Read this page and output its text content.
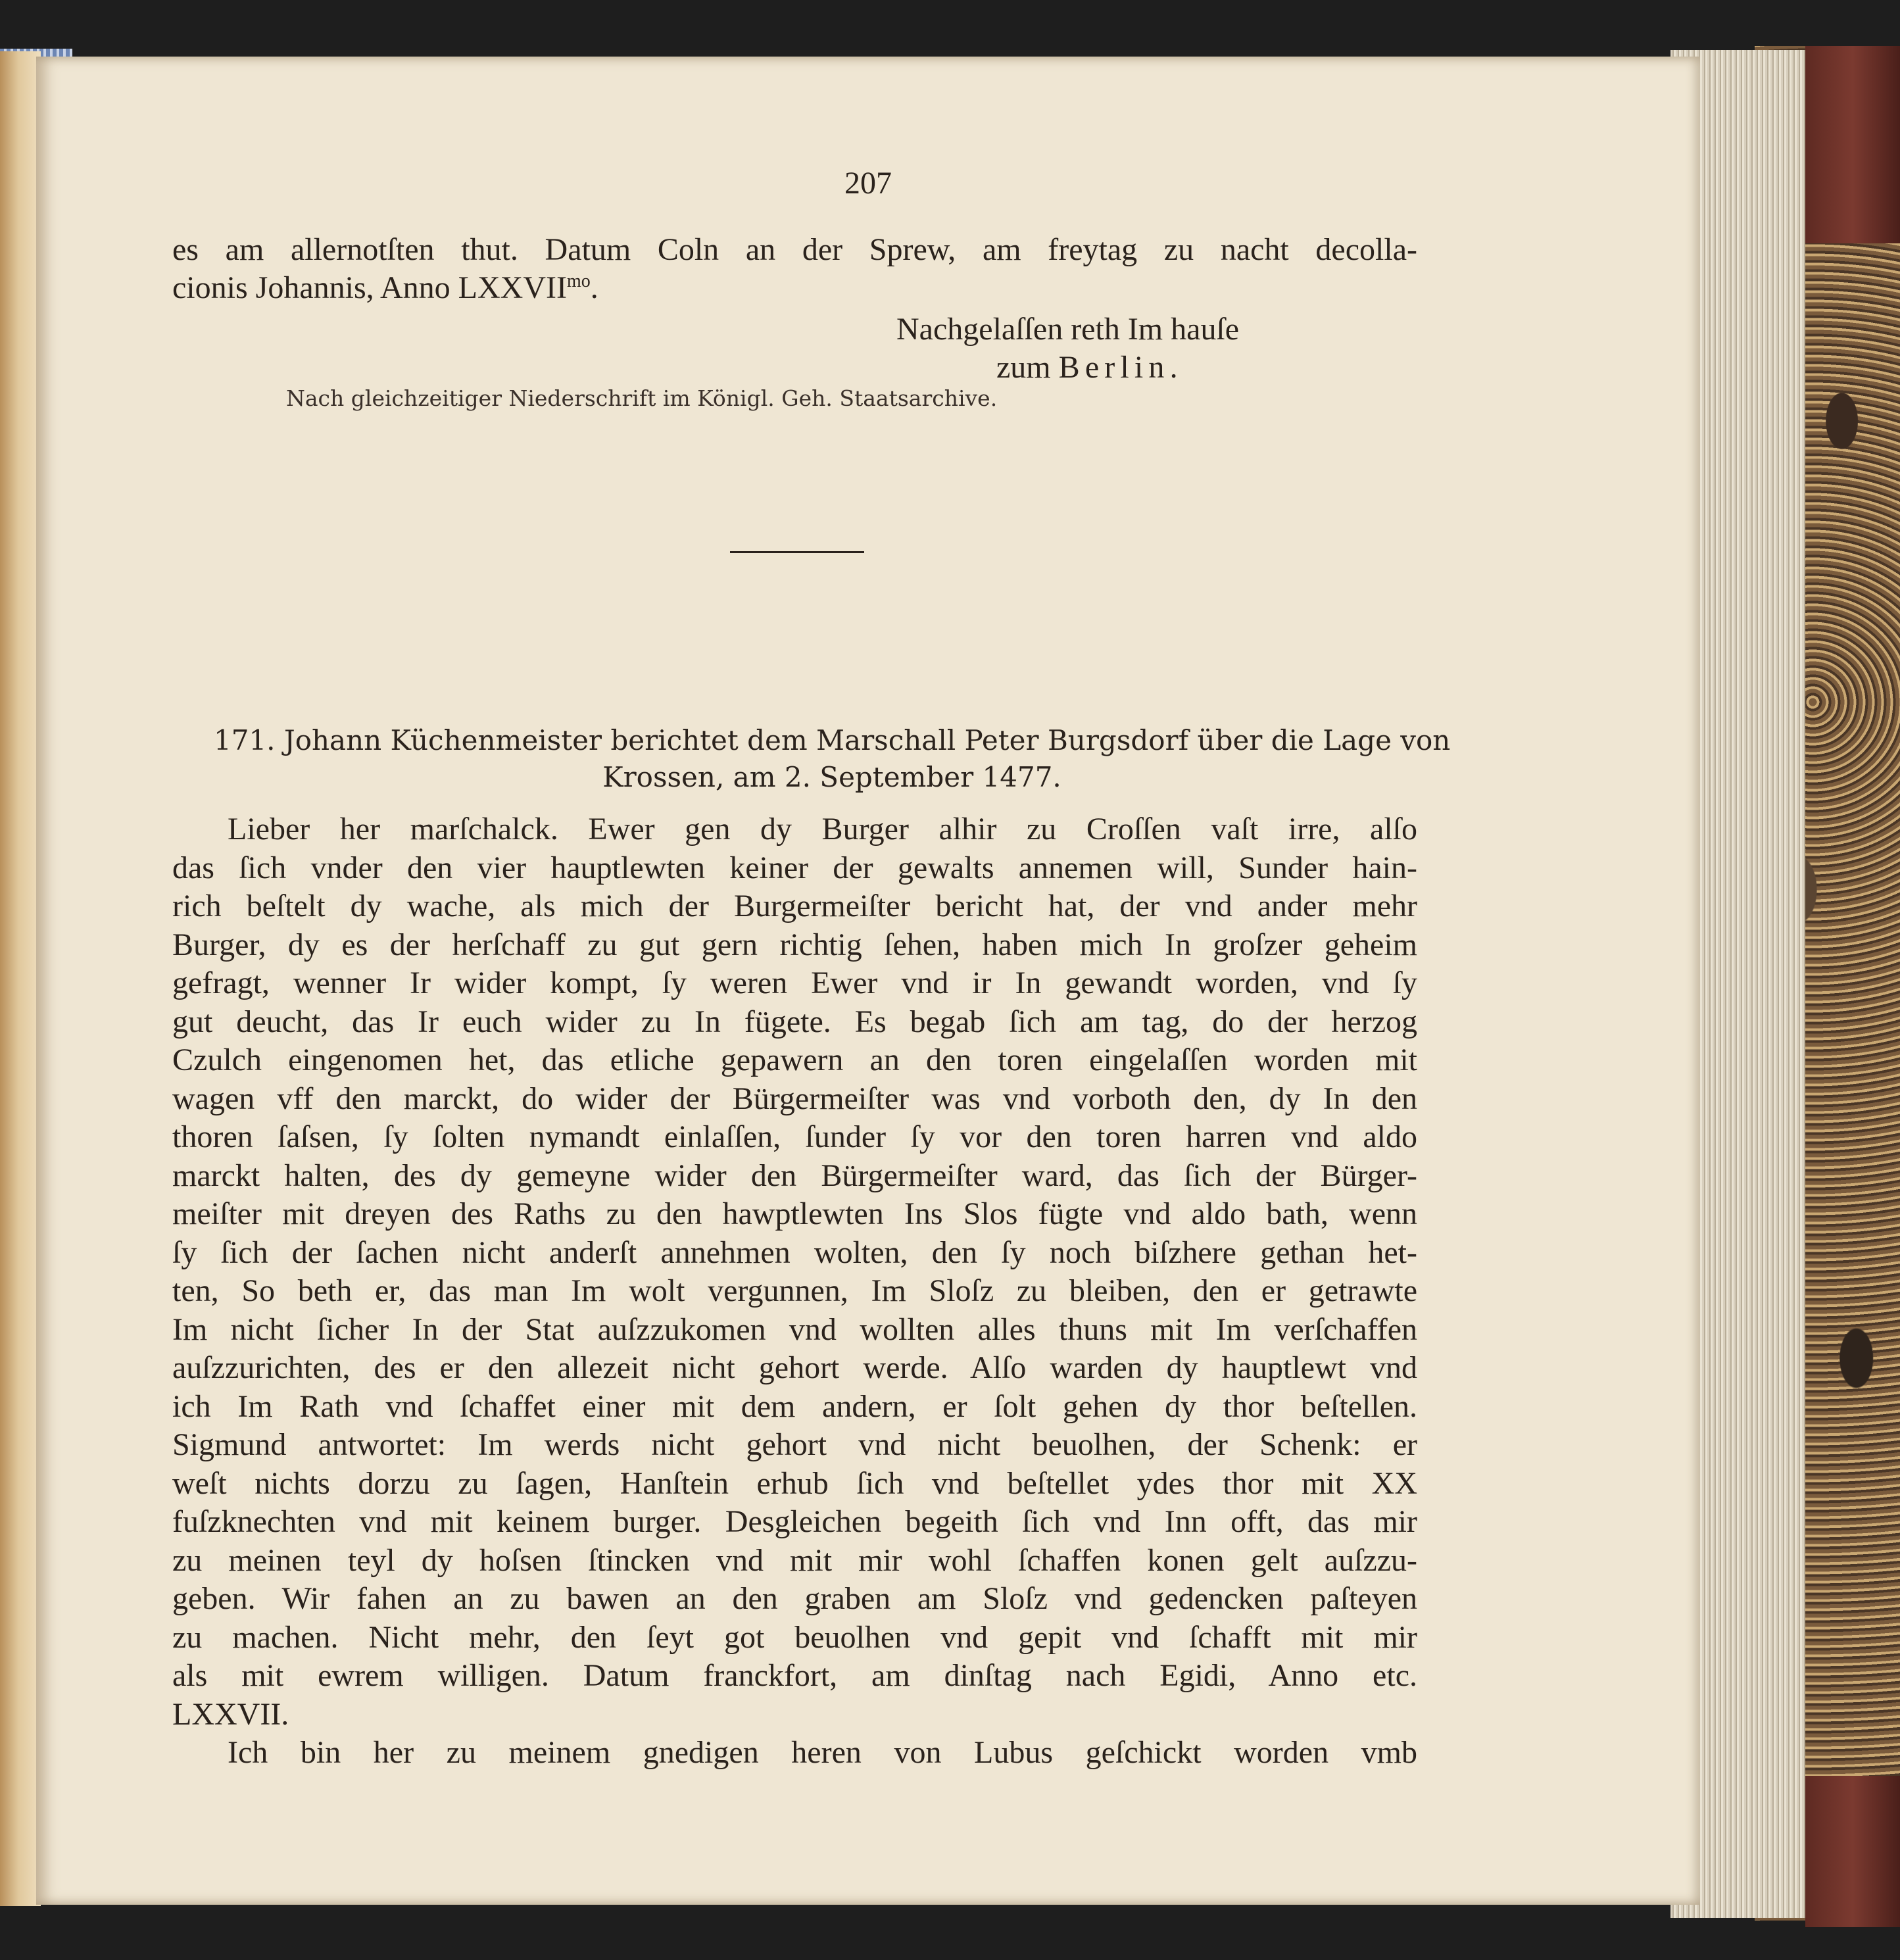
207
es am allernotſten thut. Datum Coln an der Sprew, am freytag zu nacht decolla-
cionis Johannis, Anno $LXXVII^{mo}$.
Nachgelaſſen reth Im hauſe
zum Berlin.
Nach gleichzeitiger Niederschrift im Königl. Geh. Staatsarchive.
171. Johann Küchenmeister berichtet dem Marschall Peter Burgsdorf über die Lage von
Krossen, am 2. September 1477.
Lieber her marſchalck. Ewer gen dy Burger alhir zu Croſſen vaſt irre, alſo
das ſich vnder den vier hauptlewten keiner der gewalts annemen will, Sunder hain-
rich beſtelt dy wache, als mich der Burgermeiſter bericht hat, der vnd ander mehr
Burger, dy es der herſchaff zu gut gern richtig ſehen, haben mich In groſzer geheim
gefragt, wenner Ir wider kompt, ſy weren Ewer vnd ir In gewandt worden, vnd ſy
gut deucht, das Ir euch wider zu In fügete. Es begab ſich am tag, do der herzog
Czulch eingenomen het, das etliche gepawern an den toren eingelaſſen worden mit
wagen vff den marckt, do wider der Bürgermeiſter was vnd vorboth den, dy In den
thoren ſaſsen, ſy ſolten nymandt einlaſſen, ſunder ſy vor den toren harren vnd aldo
marckt halten, des dy gemeyne wider den Bürgermeiſter ward, das ſich der Bürger-
meiſter mit dreyen des Raths zu den hawptlewten Ins Slos fügte vnd aldo bath, wenn
ſy ſich der ſachen nicht anderſt annehmen wolten, den ſy noch biſzhere gethan het-
ten, So beth er, das man Im wolt vergunnen, Im Sloſz zu bleiben, den er getrawte
Im nicht ſicher In der Stat auſzzukomen vnd wollten alles thuns mit Im verſchaffen
auſzzurichten, des er den allezeit nicht gehort werde. Alſo warden dy hauptlewt vnd
ich Im Rath vnd ſchaffet einer mit dem andern, er ſolt gehen dy thor beſtellen.
Sigmund antwortet: Im werds nicht gehort vnd nicht beuolhen, der Schenk: er
weſt nichts dorzu zu ſagen, Hanſtein erhub ſich vnd beſtellet ydes thor mit XX
fuſzknechten vnd mit keinem burger. Desgleichen begeith ſich vnd Inn offt, das mir
zu meinen teyl dy hoſsen ſtincken vnd mit mir wohl ſchaffen konen gelt auſzzu-
geben. Wir fahen an zu bawen an den graben am Sloſz vnd gedencken paſteyen
zu machen. Nicht mehr, den ſeyt got beuolhen vnd gepit vnd ſchafft mit mir
als mit ewrem willigen. Datum franckfort, am dinſtag nach Egidi, Anno etc.
LXXVII.
Ich bin her zu meinem gnedigen heren von Lubus geſchickt worden vmb
